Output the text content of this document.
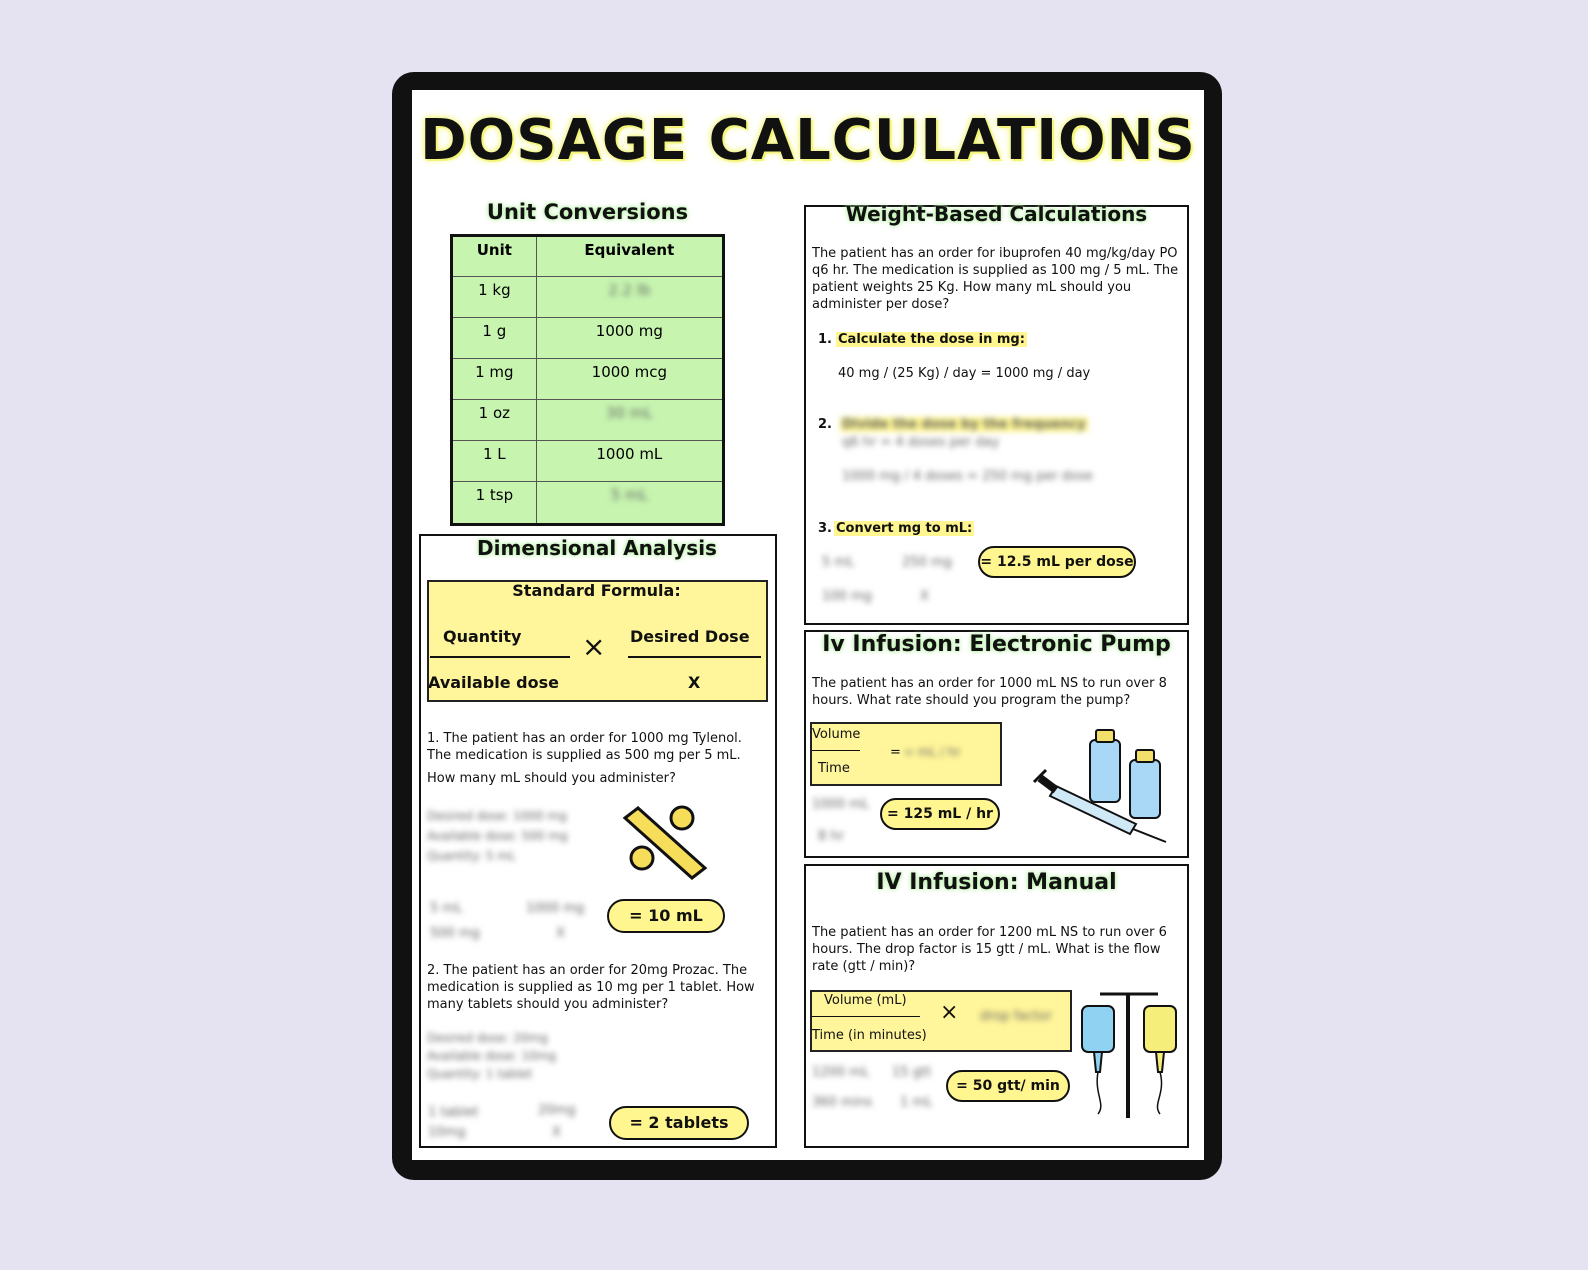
DOSAGE CALCULATIONS
Unit Conversions
Unit	Equivalent
1 kg	2.2 lb
1 g	1000 mg
1 mg	1000 mcg
1 oz	30 mL
1 L	1000 mL
1 tsp	5 mL
Dimensional Analysis
Standard Formula:
Quantity
Available dose
× Desired Dose
X
1. The patient has an order for 1000 mg Tylenol. The medication is supplied as 500 mg per 5 mL.
How many mL should you administer?
Desired dose: 1000 mg
Available dose: 500 mg
Quantity: 5 mL
5 mL
500 mg
1000 mg
X
= 10 mL
2. The patient has an order for 20mg Prozac. The medication is supplied as 10 mg per 1 tablet. How many tablets should you administer?
Desired dose: 20mg
Available dose: 10mg
Quantity: 1 tablet
1 tablet
10mg
20mg
X
= 2 tablets
Weight-Based Calculations
The patient has an order for ibuprofen 40 mg/kg/day PO q6 hr. The medication is supplied as 100 mg / 5 mL. The patient weights 25 Kg. How many mL should you administer per dose?
1. Calculate the dose in mg:
40 mg / (25 Kg) / day = 1000 mg / day
2. Divide the dose by the frequency
q6 hr = 4 doses per day
1000 mg / 4 doses = 250 mg per dose
3. Convert mg to mL:
5 mL	250 mg
100 mg	X
= 12.5 mL per dose
Iv Infusion: Electronic Pump
The patient has an order for 1000 mL NS to run over 8 hours. What rate should you program the pump?
Volume
Time
= = mL / hr
1000 mL
8 hr
= 125 mL / hr
IV Infusion: Manual
The patient has an order for 1200 mL NS to run over 6 hours. The drop factor is 15 gtt / mL. What is the flow rate (gtt / min)?
Volume (mL)
Time (in minutes)
× drop factor
1200 mL
360 mins
15 gtt
1 mL
= 50 gtt/ min
